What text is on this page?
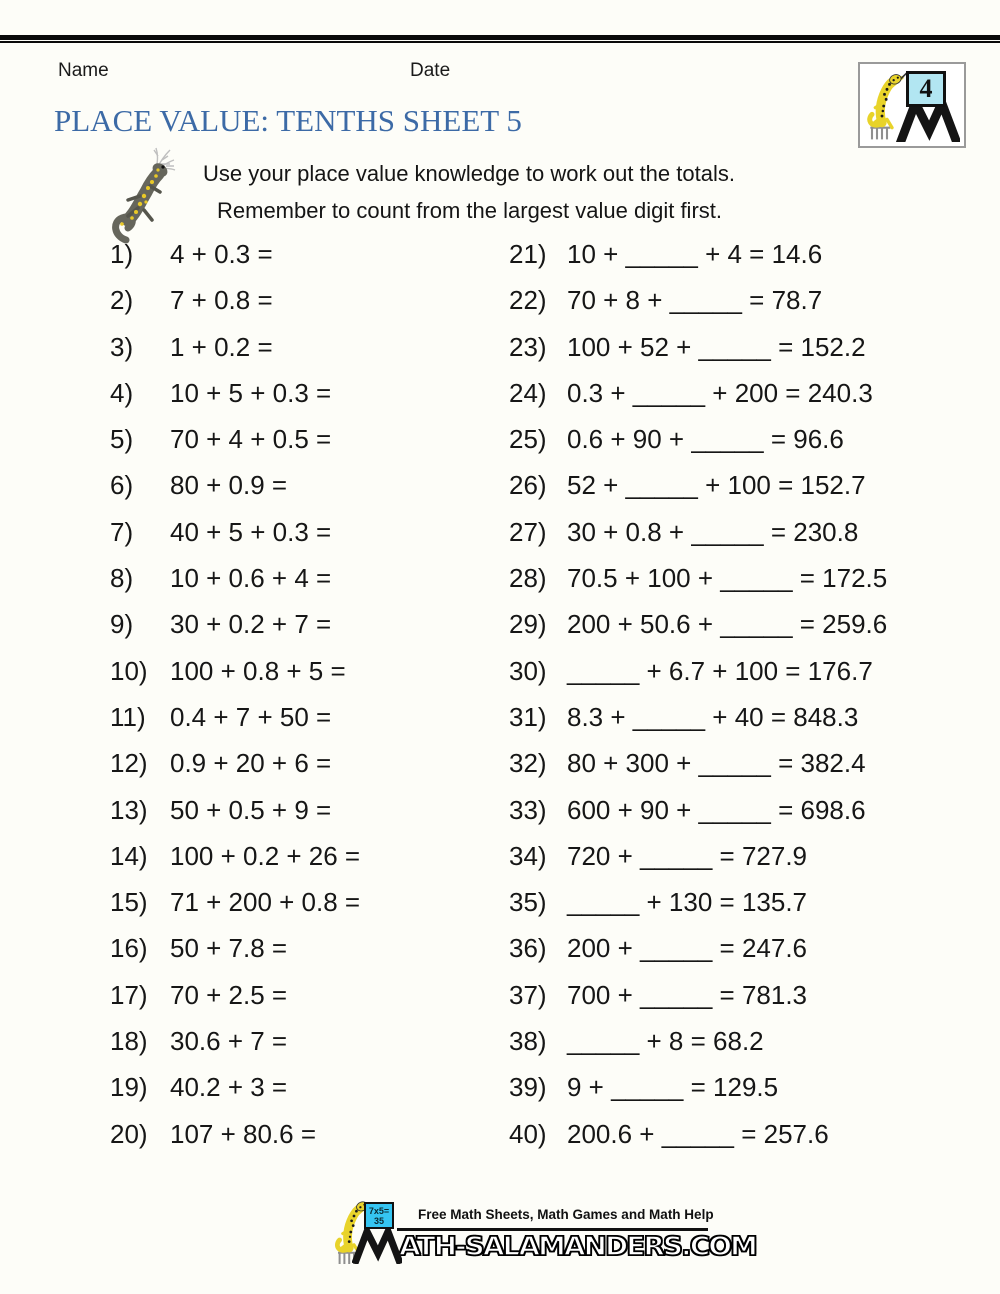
Name	Date
4
PLACE VALUE: TENTHS SHEET 5
Use your place value knowledge to work out the totals.
Remember to count from the largest value digit first.
1) 4 + 0.3 =
2) 7 + 0.8 =
3) 1 + 0.2 =
4) 10 + 5 + 0.3 =
5) 70 + 4 + 0.5 =
6) 80 + 0.9 =
7) 40 + 5 + 0.3 =
8) 10 + 0.6 + 4 =
9) 30 + 0.2 + 7 =
10) 100 + 0.8 + 5 =
11) 0.4 + 7 + 50 =
12) 0.9 + 20 + 6 =
13) 50 + 0.5 + 9 =
14) 100 + 0.2 + 26 =
15) 71 + 200 + 0.8 =
16) 50 + 7.8 =
17) 70 + 2.5 =
18) 30.6 + 7 =
19) 40.2 + 3 =
20) 107 + 80.6 =
21) 10 + _____ + 4 = 14.6
22) 70 + 8 + _____ = 78.7
23) 100 + 52 + _____ = 152.2
24) 0.3 + _____ + 200 = 240.3
25) 0.6 + 90 + _____ = 96.6
26) 52 + _____ + 100 = 152.7
27) 30 + 0.8 + _____ = 230.8
28) 70.5 + 100 + _____ = 172.5
29) 200 + 50.6 + _____ = 259.6
30) _____ + 6.7 + 100 = 176.7
31) 8.3 + _____ + 40 = 848.3
32) 80 + 300 + _____ = 382.4
33) 600 + 90 + _____ = 698.6
34) 720 + _____ = 727.9
35) _____ + 130 = 135.7
36) 200 + _____ = 247.6
37) 700 + _____ = 781.3
38) _____ + 8 = 68.2
39) 9 + _____ = 129.5
40) 200.6 + _____ = 257.6
7x5=
35	Free Math Sheets, Math Games and Math Help
ATH-SALAMANDERS.COM
